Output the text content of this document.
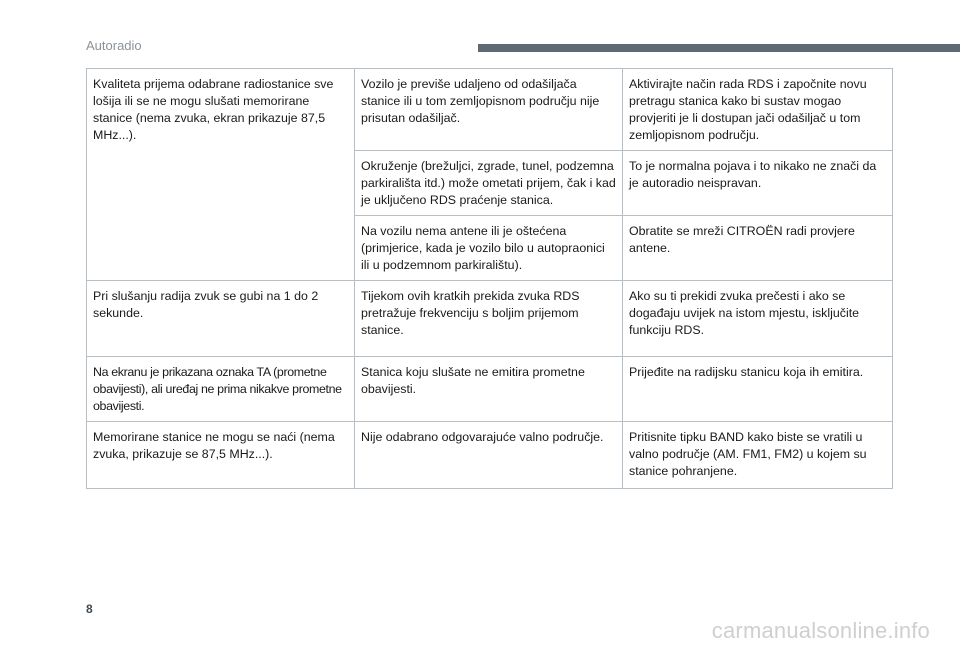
Autoradio
Kvaliteta prijema odabrane radiostanice sve lošija ili se ne mogu slušati memorirane stanice (nema zvuka, ekran prikazuje 87,5 MHz...).	Vozilo je previše udaljeno od odašiljača stanice ili u tom zemljopisnom području nije prisutan odašiljač.	Aktivirajte način rada RDS i započnite novu pretragu stanica kako bi sustav mogao provjeriti je li dostupan jači odašiljač u tom zemljopisnom području.
	Okruženje (brežuljci, zgrade, tunel, podzemna parkirališta itd.) može ometati prijem, čak i kad je uključeno RDS praćenje stanica.	To je normalna pojava i to nikako ne znači da je autoradio neispravan.
	Na vozilu nema antene ili je oštećena (primjerice, kada je vozilo bilo u autopraonici ili u podzemnom parkiralištu).	Obratite se mreži CITROËN radi provjere antene.
Pri slušanju radija zvuk se gubi na 1 do 2 sekunde.	Tijekom ovih kratkih prekida zvuka RDS pretražuje frekvenciju s boljim prijemom stanice.	Ako su ti prekidi zvuka prečesti i ako se događaju uvijek na istom mjestu, isključite funkciju RDS.
Na ekranu je prikazana oznaka TA (prometne obavijesti), ali uređaj ne prima nikakve prometne obavijesti.	Stanica koju slušate ne emitira prometne obavijesti.	Prijeđite na radijsku stanicu koja ih emitira.
Memorirane stanice ne mogu se naći (nema zvuka, prikazuje se 87,5 MHz...).	Nije odabrano odgovarajuće valno područje.	Pritisnite tipku BAND kako biste se vratili u valno područje (AM. FM1, FM2) u kojem su stanice pohranjene.
8
carmanualsonline.info
